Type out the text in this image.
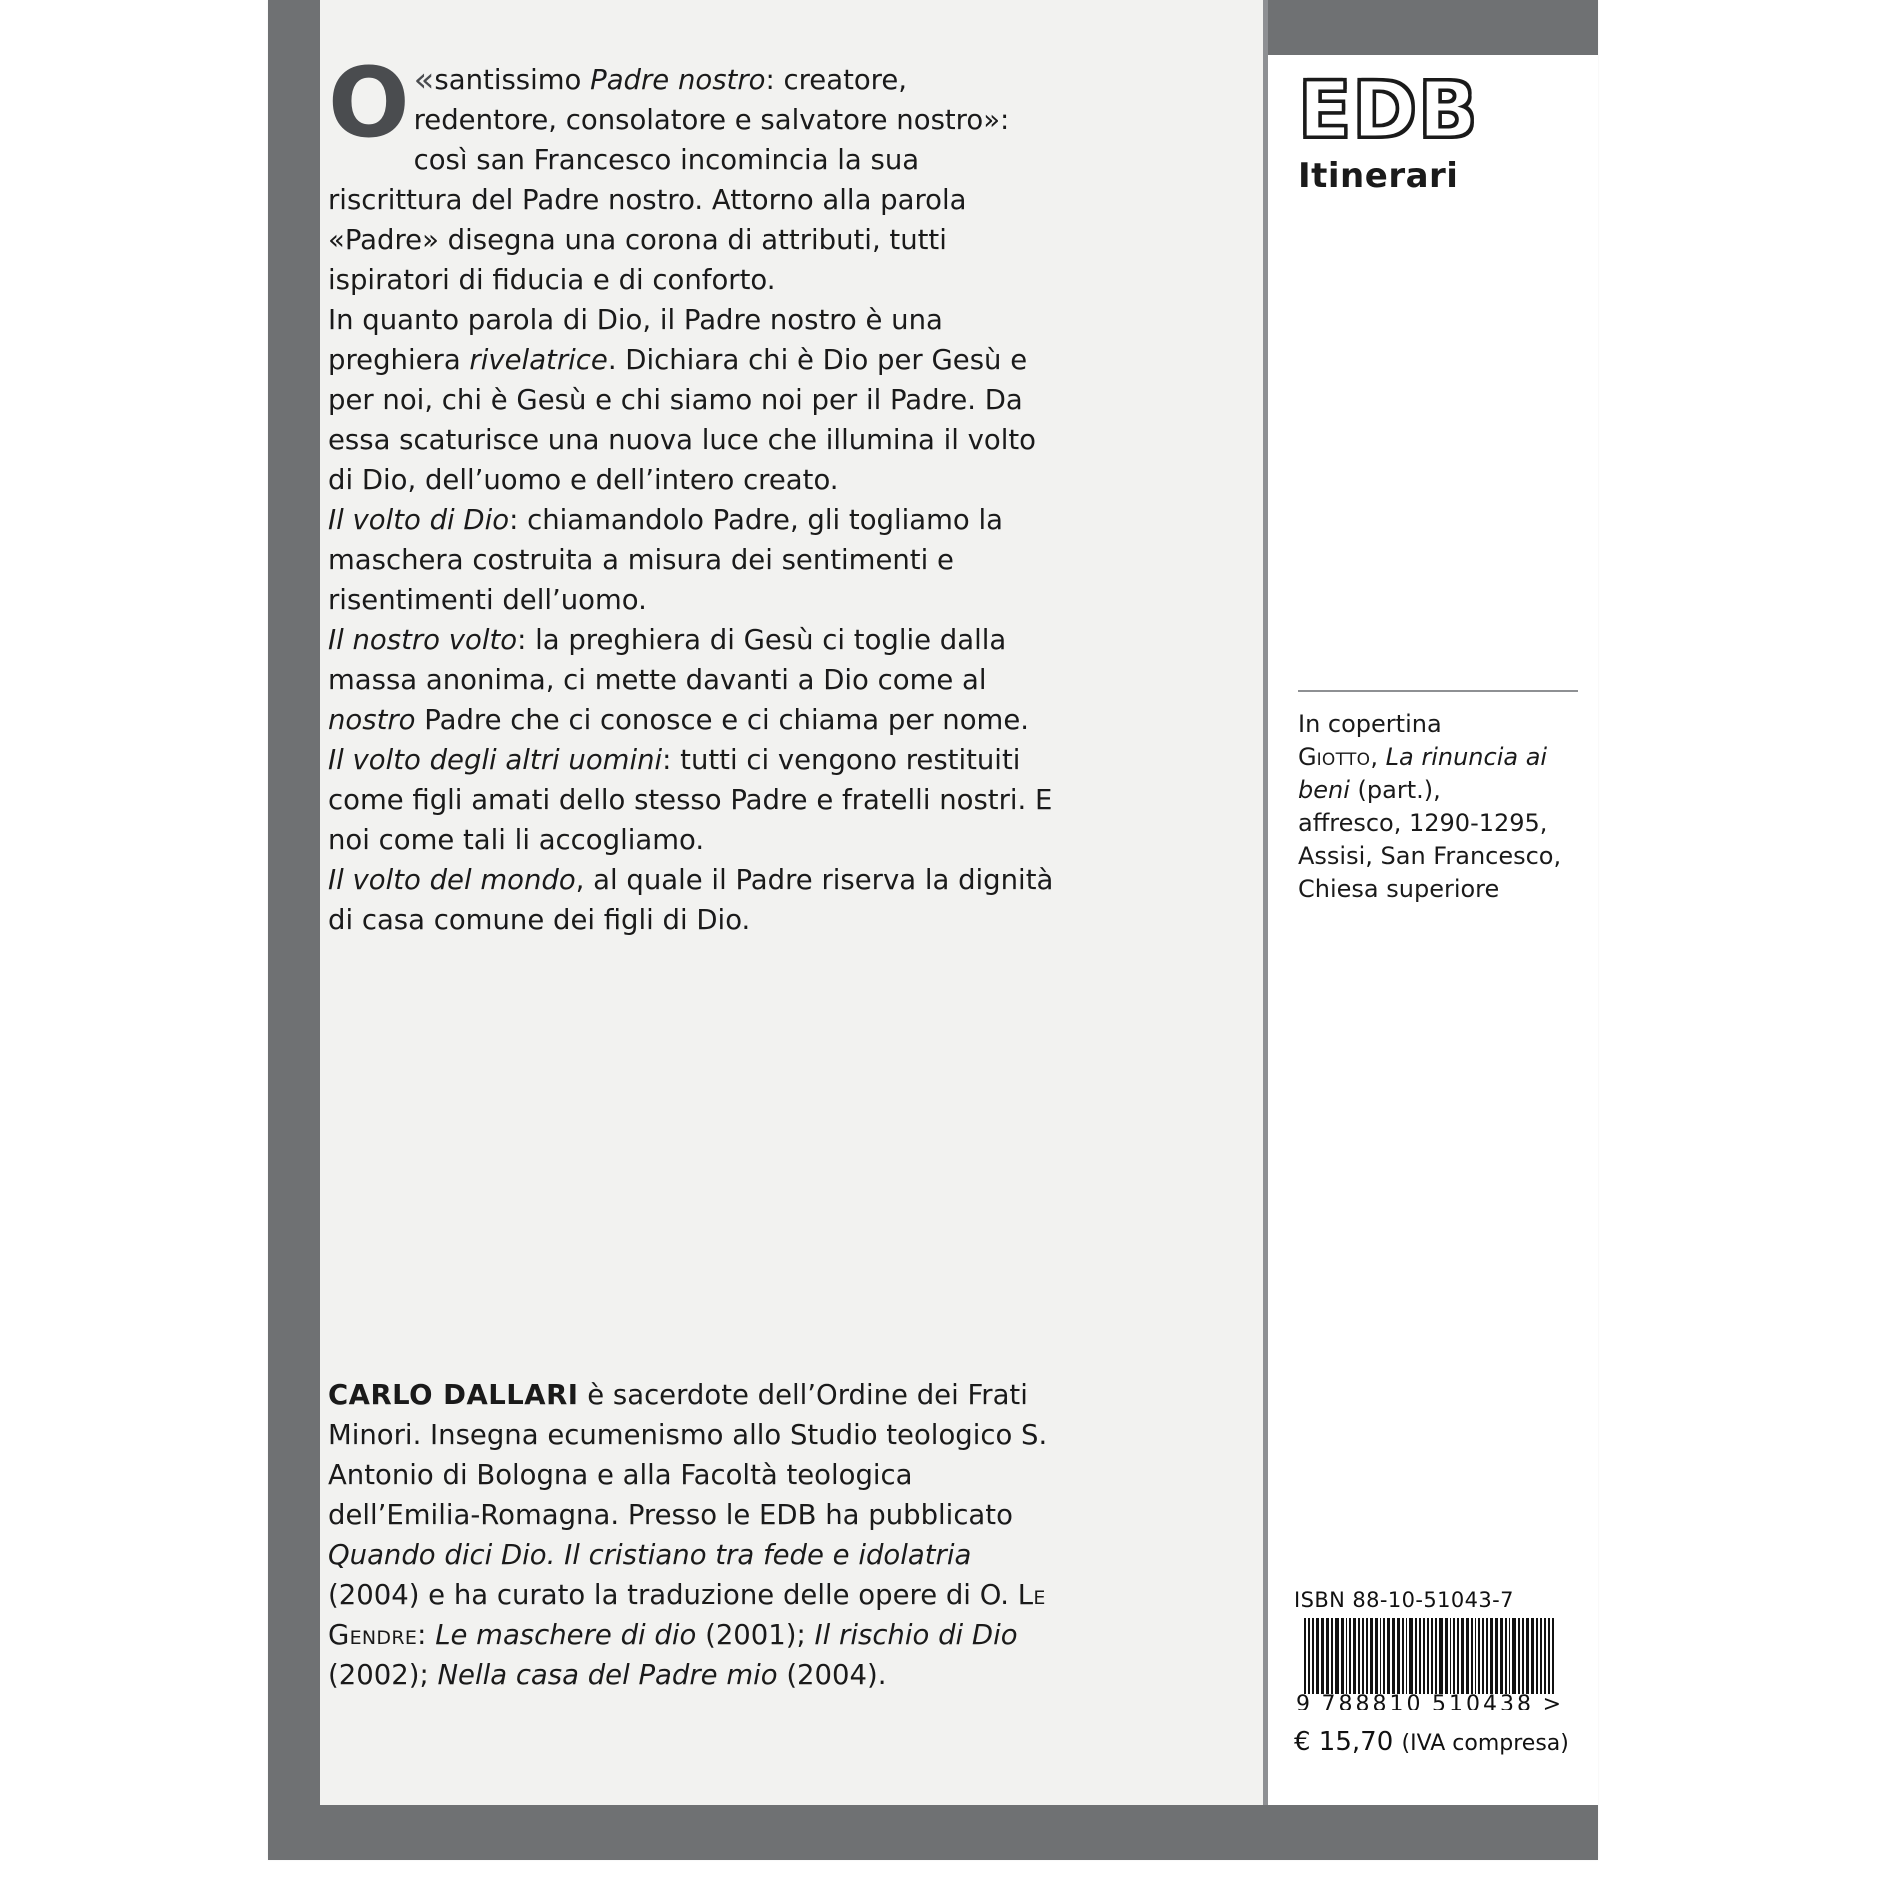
O «santissimo Padre nostro: creatore, redentore, consolatore e salvatore nostro»: così san Francesco incomincia la sua riscrittura del Padre nostro. Attorno alla parola «Padre» disegna una corona di attributi, tutti ispiratori di fiducia e di conforto.

In quanto parola di Dio, il Padre nostro è una preghiera rivelatrice. Dichiara chi è Dio per Gesù e per noi, chi è Gesù e chi siamo noi per il Padre. Da essa scaturisce una nuova luce che illumina il volto di Dio, dell’uomo e dell’intero creato.

Il volto di Dio: chiamandolo Padre, gli togliamo la maschera costruita a misura dei sentimenti e risentimenti dell’uomo.

Il nostro volto: la preghiera di Gesù ci toglie dalla massa anonima, ci mette davanti a Dio come al nostro Padre che ci conosce e ci chiama per nome.

Il volto degli altri uomini: tutti ci vengono restituiti come figli amati dello stesso Padre e fratelli nostri. E noi come tali li accogliamo.

Il volto del mondo, al quale il Padre riserva la dignità di casa comune dei figli di Dio.

CARLO DALLARI è sacerdote dell’Ordine dei Frati Minori. Insegna ecumenismo allo Studio teologico S. Antonio di Bologna e alla Facoltà teologica dell’Emilia-Romagna. Presso le EDB ha pubblicato Quando dici Dio. Il cristiano tra fede e idolatria (2004) e ha curato la traduzione delle opere di O. Le Gendre: Le maschere di dio (2001); Il rischio di Dio (2002); Nella casa del Padre mio (2004).

EDB
Itinerari

In copertina

Giotto, La rinuncia ai beni (part.),

affresco, 1290-1295,

Assisi, San Francesco,

Chiesa superiore

ISBN 88-10-51043-7
9 788810 510438 >
€ 15,70 (IVA compresa)
